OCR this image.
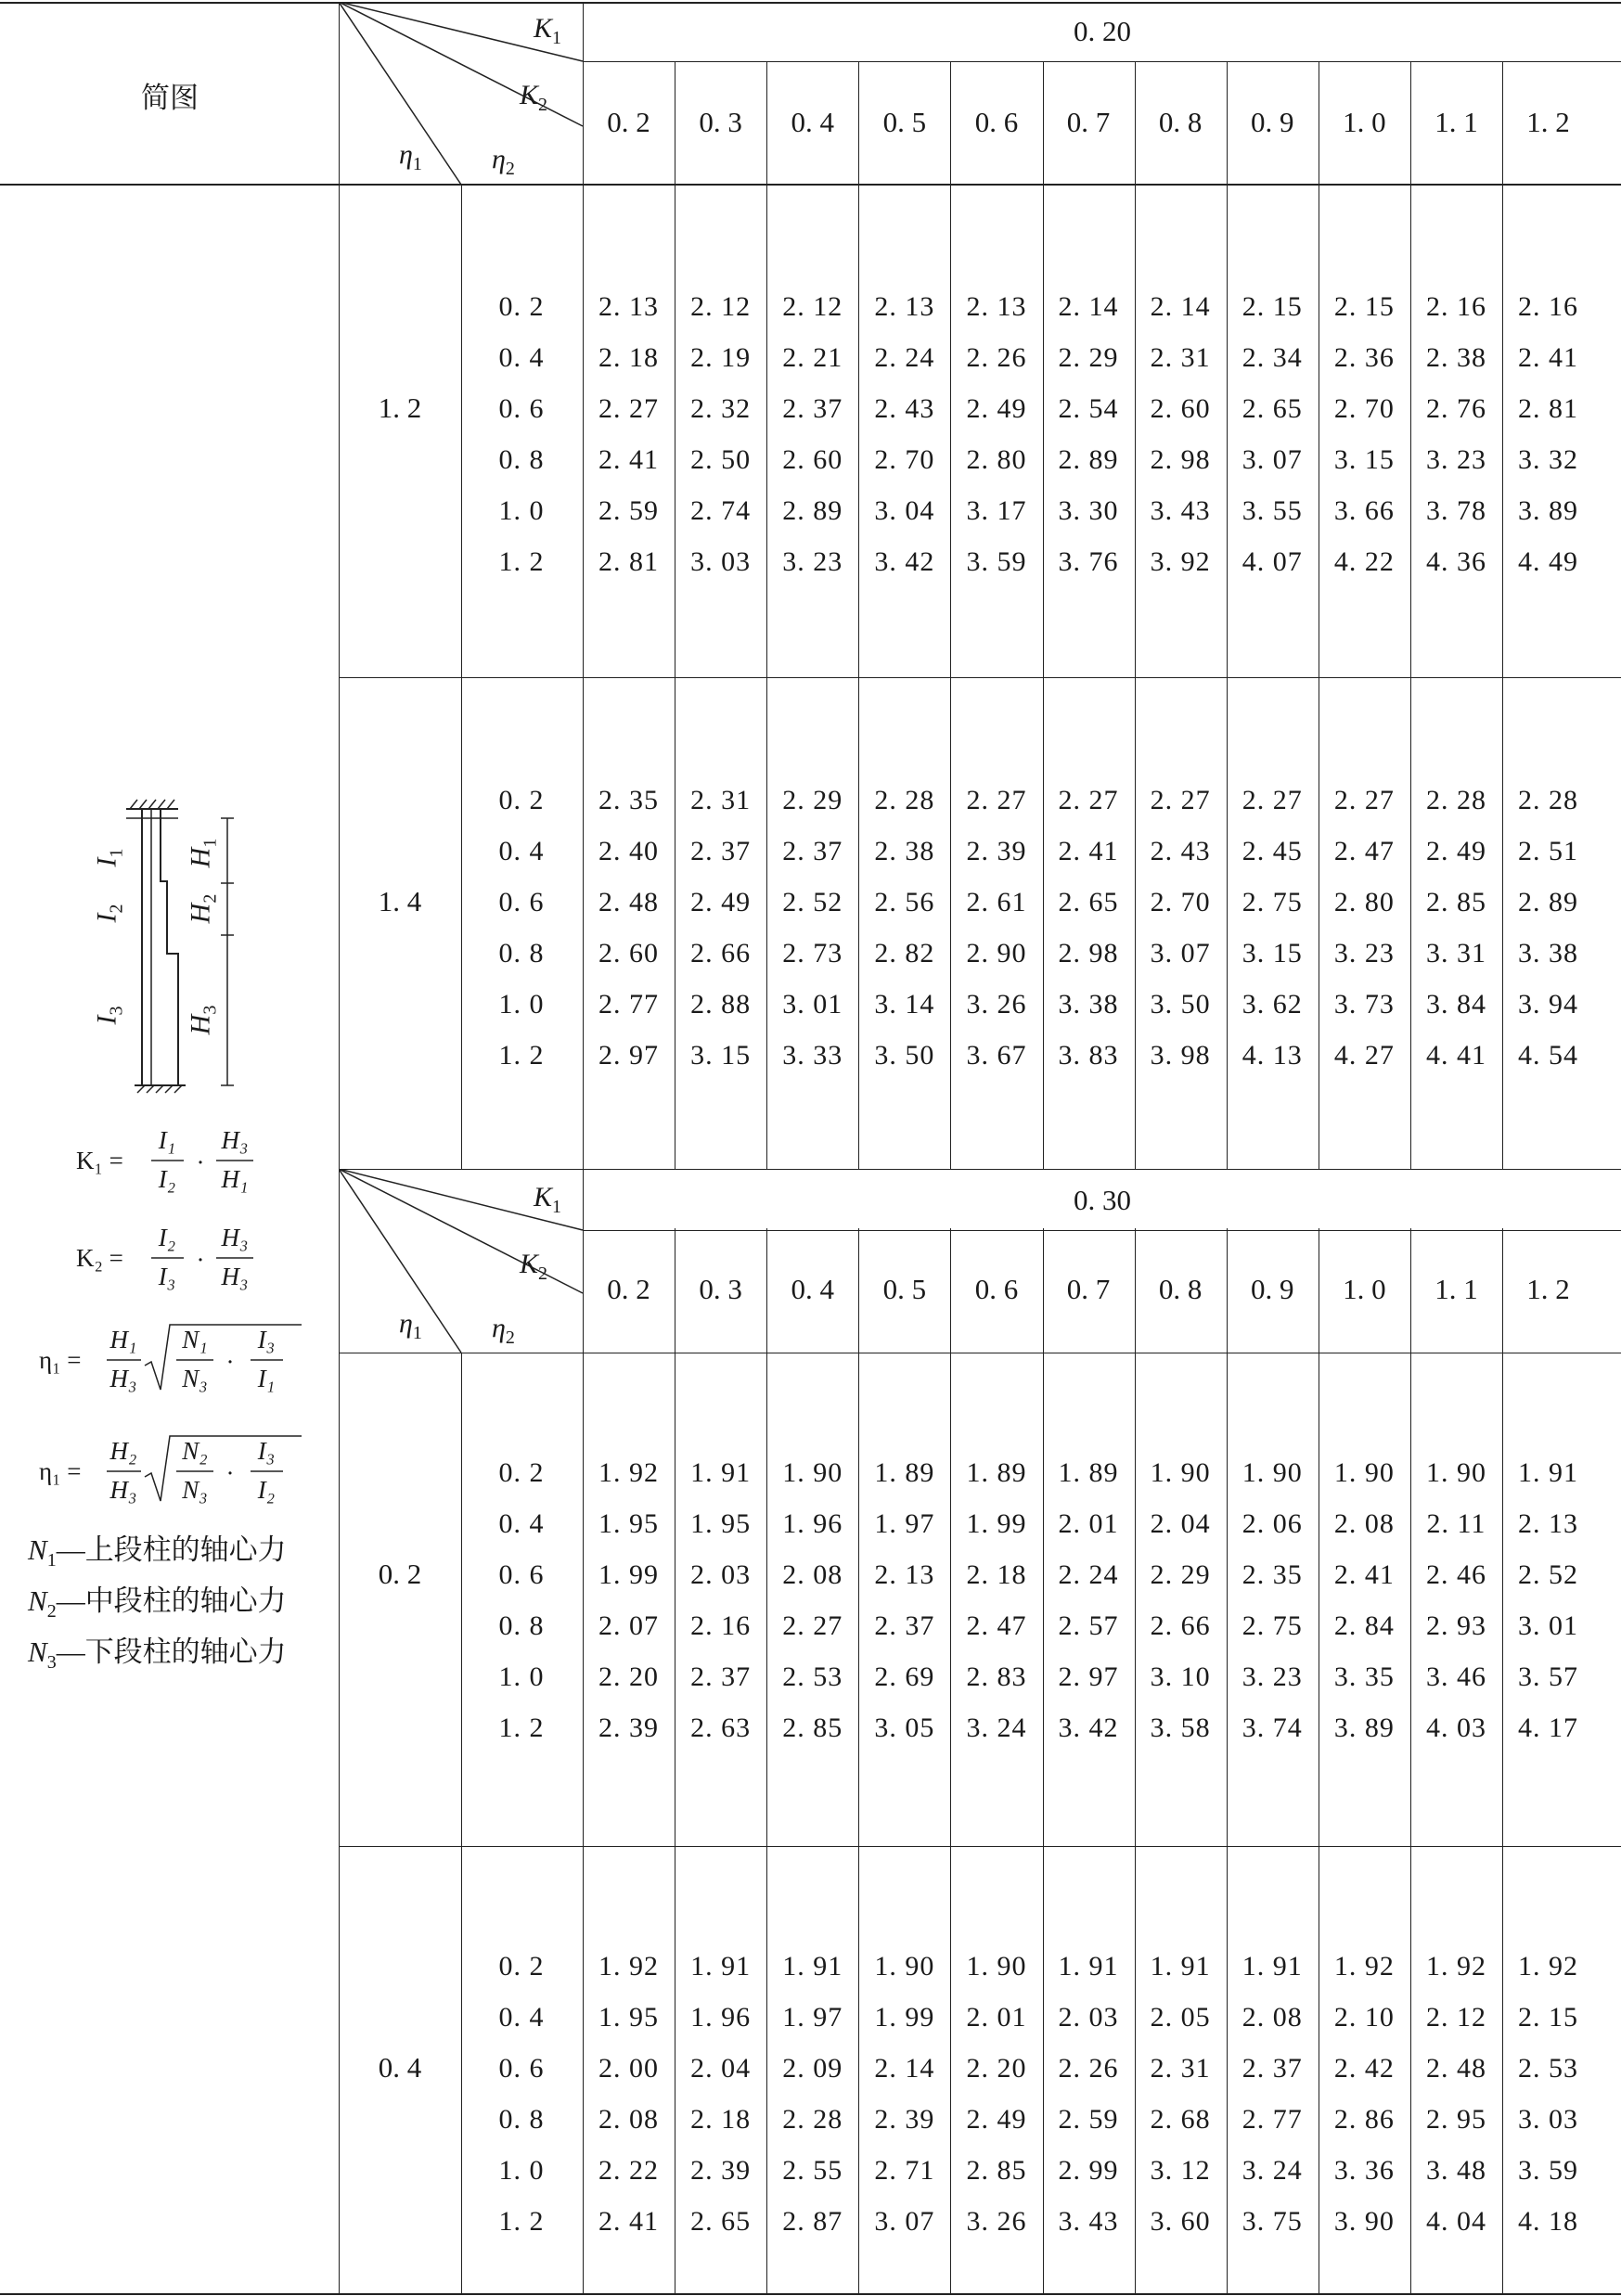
简图
$K_1$
$K_2$
$\eta_1$	$\eta_2$
0. 20
$K_1$
$K_2$
$\eta_1$	$\eta_2$
0. 30
0. 2 0. 3 0. 4 0. 5 0. 6 0. 7 0. 8 0. 9 1. 0 1. 1 1. 2
0. 2 0. 3 0. 4 0. 5 0. 6 0. 7 0. 8 0. 9 1. 0 1. 1 1. 2
1. 2
0. 2
0. 4
0. 6
0. 8
1. 0
1. 2
2. 13 2. 12 2. 12 2. 13 2. 13 2. 14 2. 14 2. 15 2. 15 2. 16 2. 16
2. 18 2. 19 2. 21 2. 24 2. 26 2. 29 2. 31 2. 34 2. 36 2. 38 2. 41
2. 27 2. 32 2. 37 2. 43 2. 49 2. 54 2. 60 2. 65 2. 70 2. 76 2. 81
2. 41 2. 50 2. 60 2. 70 2. 80 2. 89 2. 98 3. 07 3. 15 3. 23 3. 32
2. 59 2. 74 2. 89 3. 04 3. 17 3. 30 3. 43 3. 55 3. 66 3. 78 3. 89
2. 81 3. 03 3. 23 3. 42 3. 59 3. 76 3. 92 4. 07 4. 22 4. 36 4. 49
1. 4
0. 2
0. 4
0. 6
0. 8
1. 0
1. 2
2. 35 2. 31 2. 29 2. 28 2. 27 2. 27 2. 27 2. 27 2. 27 2. 28 2. 28
2. 40 2. 37 2. 37 2. 38 2. 39 2. 41 2. 43 2. 45 2. 47 2. 49 2. 51
2. 48 2. 49 2. 52 2. 56 2. 61 2. 65 2. 70 2. 75 2. 80 2. 85 2. 89
2. 60 2. 66 2. 73 2. 82 2. 90 2. 98 3. 07 3. 15 3. 23 3. 31 3. 38
2. 77 2. 88 3. 01 3. 14 3. 26 3. 38 3. 50 3. 62 3. 73 3. 84 3. 94
2. 97 3. 15 3. 33 3. 50 3. 67 3. 83 3. 98 4. 13 4. 27 4. 41 4. 54
0. 2
0. 2
0. 4
0. 6
0. 8
1. 0
1. 2
1. 92 1. 91 1. 90 1. 89 1. 89 1. 89 1. 90 1. 90 1. 90 1. 90 1. 91
1. 95 1. 95 1. 96 1. 97 1. 99 2. 01 2. 04 2. 06 2. 08 2. 11 2. 13
1. 99 2. 03 2. 08 2. 13 2. 18 2. 24 2. 29 2. 35 2. 41 2. 46 2. 52
2. 07 2. 16 2. 27 2. 37 2. 47 2. 57 2. 66 2. 75 2. 84 2. 93 3. 01
2. 20 2. 37 2. 53 2. 69 2. 83 2. 97 3. 10 3. 23 3. 35 3. 46 3. 57
2. 39 2. 63 2. 85 3. 05 3. 24 3. 42 3. 58 3. 74 3. 89 4. 03 4. 17
0. 4
0. 2
0. 4
0. 6
0. 8
1. 0
1. 2
1. 92 1. 91 1. 91 1. 90 1. 90 1. 91 1. 91 1. 91 1. 92 1. 92 1. 92
1. 95 1. 96 1. 97 1. 99 2. 01 2. 03 2. 05 2. 08 2. 10 2. 12 2. 15
2. 00 2. 04 2. 09 2. 14 2. 20 2. 26 2. 31 2. 37 2. 42 2. 48 2. 53
2. 08 2. 18 2. 28 2. 39 2. 49 2. 59 2. 68 2. 77 2. 86 2. 95 3. 03
2. 22 2. 39 2. 55 2. 71 2. 85 2. 99 3. 12 3. 24 3. 36 3. 48 3. 59
2. 41 2. 65 2. 87 3. 07 3. 26 3. 43 3. 60 3. 75 3. 90 4. 04 4. 18
$I_1$
$I_2$
$I_3$
$H_1$
$H_2$
$H_3$
K₁ =
I₁
I₂
·
H₃
H₁
K₂ =
I₂
I₃
·
H₃
H₃
η₁ =
H₁
H₃
N₁
N₃
·
I₃
I₁
η₁ =
H₂
H₃
N₂
N₃
·
I₃
I₂
$N_1—$上段柱的轴心力
$N_2—$中段柱的轴心力
$N_3—$下段柱的轴心力
